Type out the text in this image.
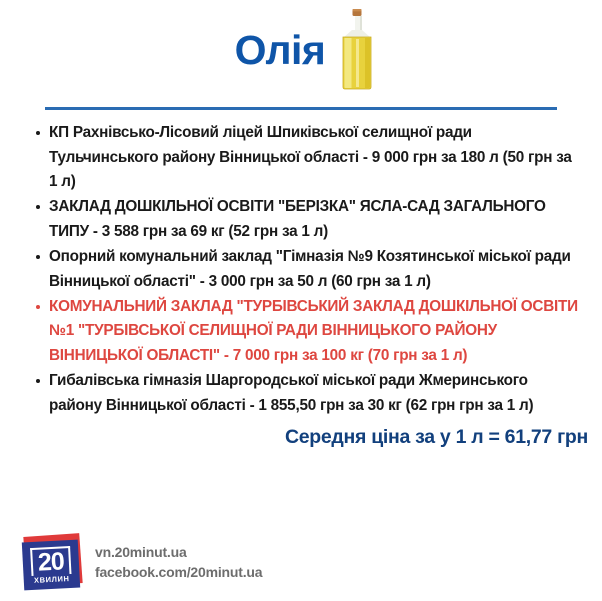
Олія
КП Рахнівсько-Лісовий ліцей Шпиківської селищної ради Тульчинського району Вінницької області - 9 000 грн за 180 л (50 грн за 1 л)
ЗАКЛАД ДОШКІЛЬНОЇ ОСВІТИ "БЕРІЗКА" ЯСЛА-САД ЗАГАЛЬНОГО ТИПУ - 3 588 грн за 69 кг (52 грн за 1 л)
Опорний комунальний заклад "Гімназія №9 Козятинської міської ради Вінницької області" - 3 000 грн за 50 л (60 грн за 1 л)
КОМУНАЛЬНИЙ ЗАКЛАД "ТУРБІВСЬКИЙ ЗАКЛАД ДОШКІЛЬНОЇ ОСВІТИ №1 "ТУРБІВСЬКОЇ СЕЛИЩНОЇ РАДИ ВІННИЦЬКОГО РАЙОНУ ВІННИЦЬКОЇ ОБЛАСТІ" - 7 000 грн за 100 кг (70 грн за 1 л)
Гибалівська гімназія Шаргородської міської ради Жмеринського району Вінницької області - 1 855,50 грн за 30 кг (62 грн грн за 1 л)
Середня ціна за у 1 л = 61,77 грн
20
ХВИЛИН
vn.20minut.ua
facebook.com/20minut.ua
